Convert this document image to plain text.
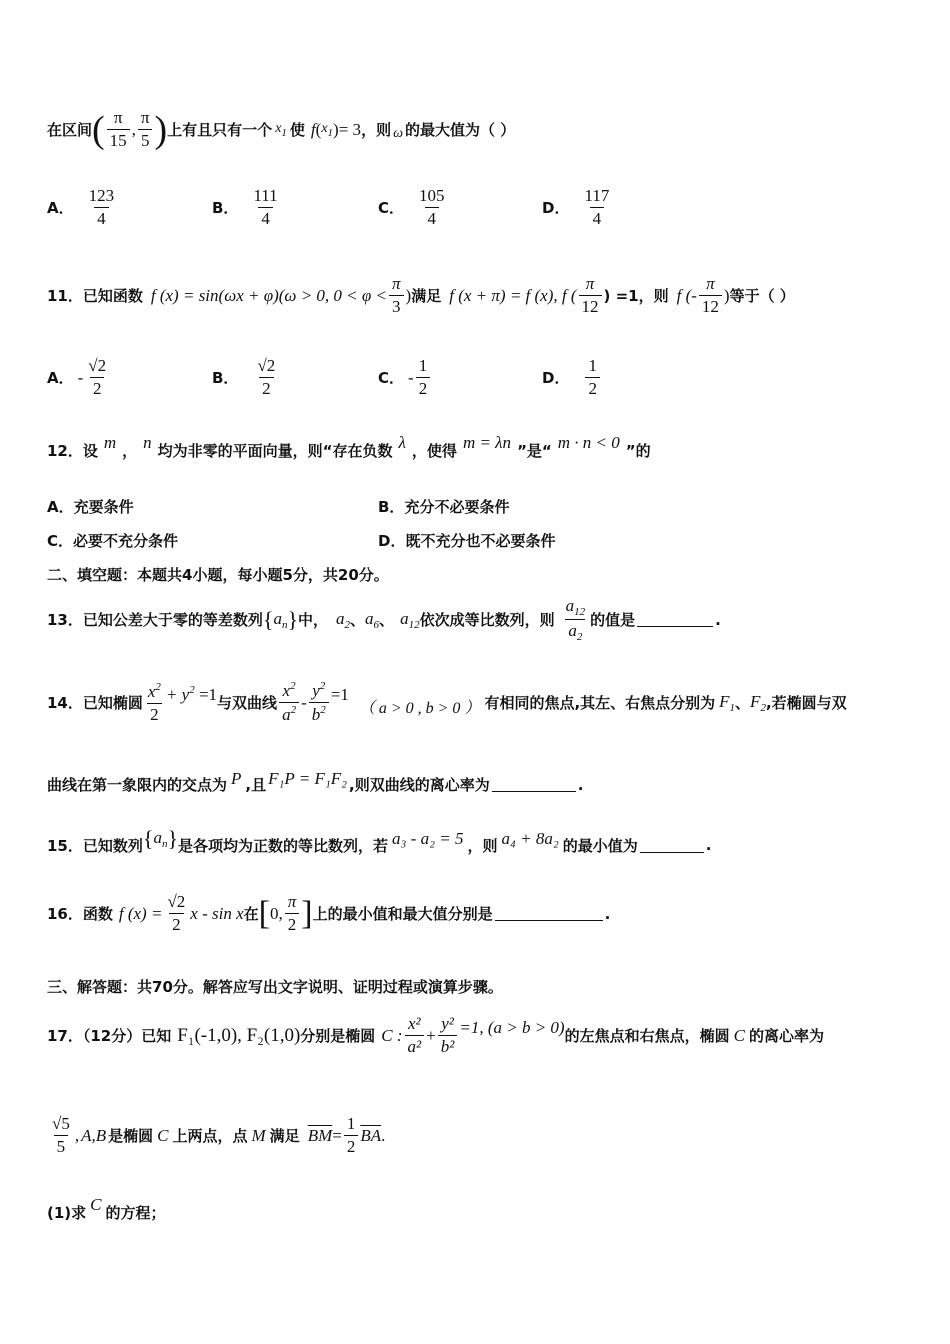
在区间 ( $\frac{\pi}{15}$ , $\frac{\pi}{5}$ ) 上有且只有一个 $x_1$ 使 f ( $x_1$ ) = 3 ，则 ω 的最大值为（ ）
A． $\frac{123}{4}$	B． $\frac{111}{4}$	C． $\frac{105}{4}$	D． $\frac{117}{4}$
11．已知函数 f (x) = sin(ωx + φ)(ω > 0, $0 < \varphi < \frac{\pi}{3}$ ) 满足 f (x + π) = f (x), f ( $\frac{\pi}{12}$ ) =1，则 f (- $\frac{\pi}{12}$ ) 等于（ ）
A． - $\frac{√2}{2}$	B． $\frac{√2}{2}$	C． - $\frac{1}{2}$	D． $\frac{1}{2}$
12．设 m ， n 均为非零的平面向量，则“存在负数 λ ，使得 m = λn ”是“ m · n < 0 ”的
A． 充要条件	B． 充分不必要条件
C． 必要不充分条件	D． 既不充分也不必要条件
二、填空题：本题共4小题，每小题5分，共20分。
13．已知公差大于零的等差数列 { $a_n$ } 中， $a_2$ 、 $a_6$ 、 $a_{12}$ 依次成等比数列，则 $\frac{a_{12}}{a_2}$ 的值是	.
14．已知椭圆 $\frac{x^2}{2} + y^2 =1$ 与双曲线 $\frac{x^2}{a^2} - \frac{y^2}{b^2} =1$
（ a > 0 , b > 0 ） 有相同的焦点,其左、右焦点分别为 $F_1$ 、 $F_2$ ,若椭圆与双
曲线在第一象限内的交点为 P ,且 F₁P = F₁F₂ ,则双曲线的离心率为	.
15．已知数列 { $a_n$ } 是各项均为正数的等比数列，若 a₃ - a₂ = 5 ，则 a₄ + 8a₂ 的最小值为	.
16．函数 f $(x) = \frac{√2}{2}$ x - sin x 在 [ 0, $\frac{\pi}{2}$ ] 上的最小值和最大值分别是	.
三、解答题：共70分。解答应写出文字说明、证明过程或演算步骤。
17．（12分）已知 F₁(-1,0), F₂(1,0) 分别是椭圆 C : $\frac{\text{x²}}{\text{a²}} + \frac{\text{y²}}{\text{b²}} =1$, (a > b > 0) 的左焦点和右焦点，椭圆 C 的离心率为
$\frac{√5}{5}$ , A,B 是椭圆 C 上两点，点 M 满足 $\overline{BM} = \frac{1}{2} \overline{BA}$ .
(1)求 C 的方程；
